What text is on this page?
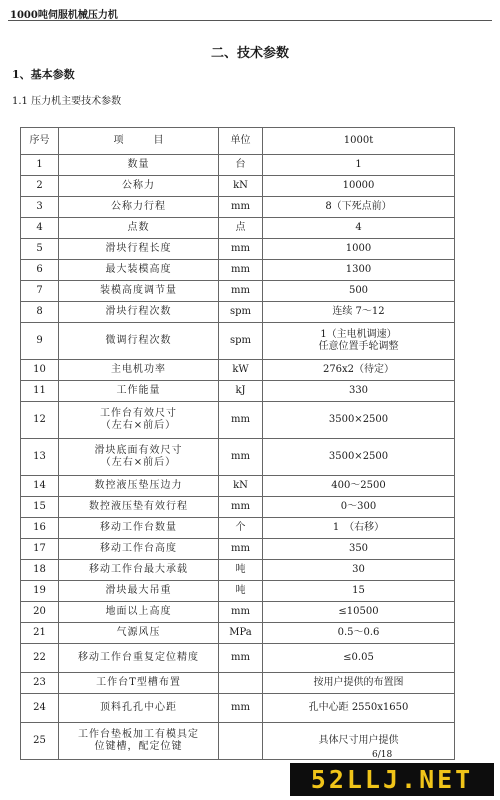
1000吨伺服机械压力机
二、技术参数
1、基本参数
1.1 压力机主要技术参数
序号	项　　　目	单位	1000t
1	数量	台	1

2	公称力	kN	10000

3	公称力行程	mm	8（下死点前）

4	点数	点	4

5	滑块行程长度	mm	1000

6	最大装模高度	mm	1300

7	装模高度调节量	mm	500

8	滑块行程次数	spm	连续 7～12

9	微调行程次数	spm	1（主电机调速）
任意位置手轮调整

10	主电机功率	kW	276x2（待定）

11	工作能量	kJ	330

12	工作台有效尺寸
（左右×前后）	mm	3500×2500

13	滑块底面有效尺寸
（左右×前后）	mm	3500×2500

14	数控液压垫压边力	kN	400～2500

15	数控液压垫有效行程	mm	0～300

16	移动工作台数量	个	1　（右移）

17	移动工作台高度	mm	350

18	移动工作台最大承载	吨	30

19	滑块最大吊重	吨	15

20	地面以上高度	mm	≤10500

21	气源风压	MPa	0.5～0.6

22	移动工作台重复定位精度	mm	≤0.05

23	工作台T型槽布置		按用户提供的布置图

24	顶料孔孔中心距	mm	孔中心距 2550x1650

25	工作台垫板加工有模具定
位键槽，配定位键		具体尺寸用户提供
6/18
52LLJ.NET
